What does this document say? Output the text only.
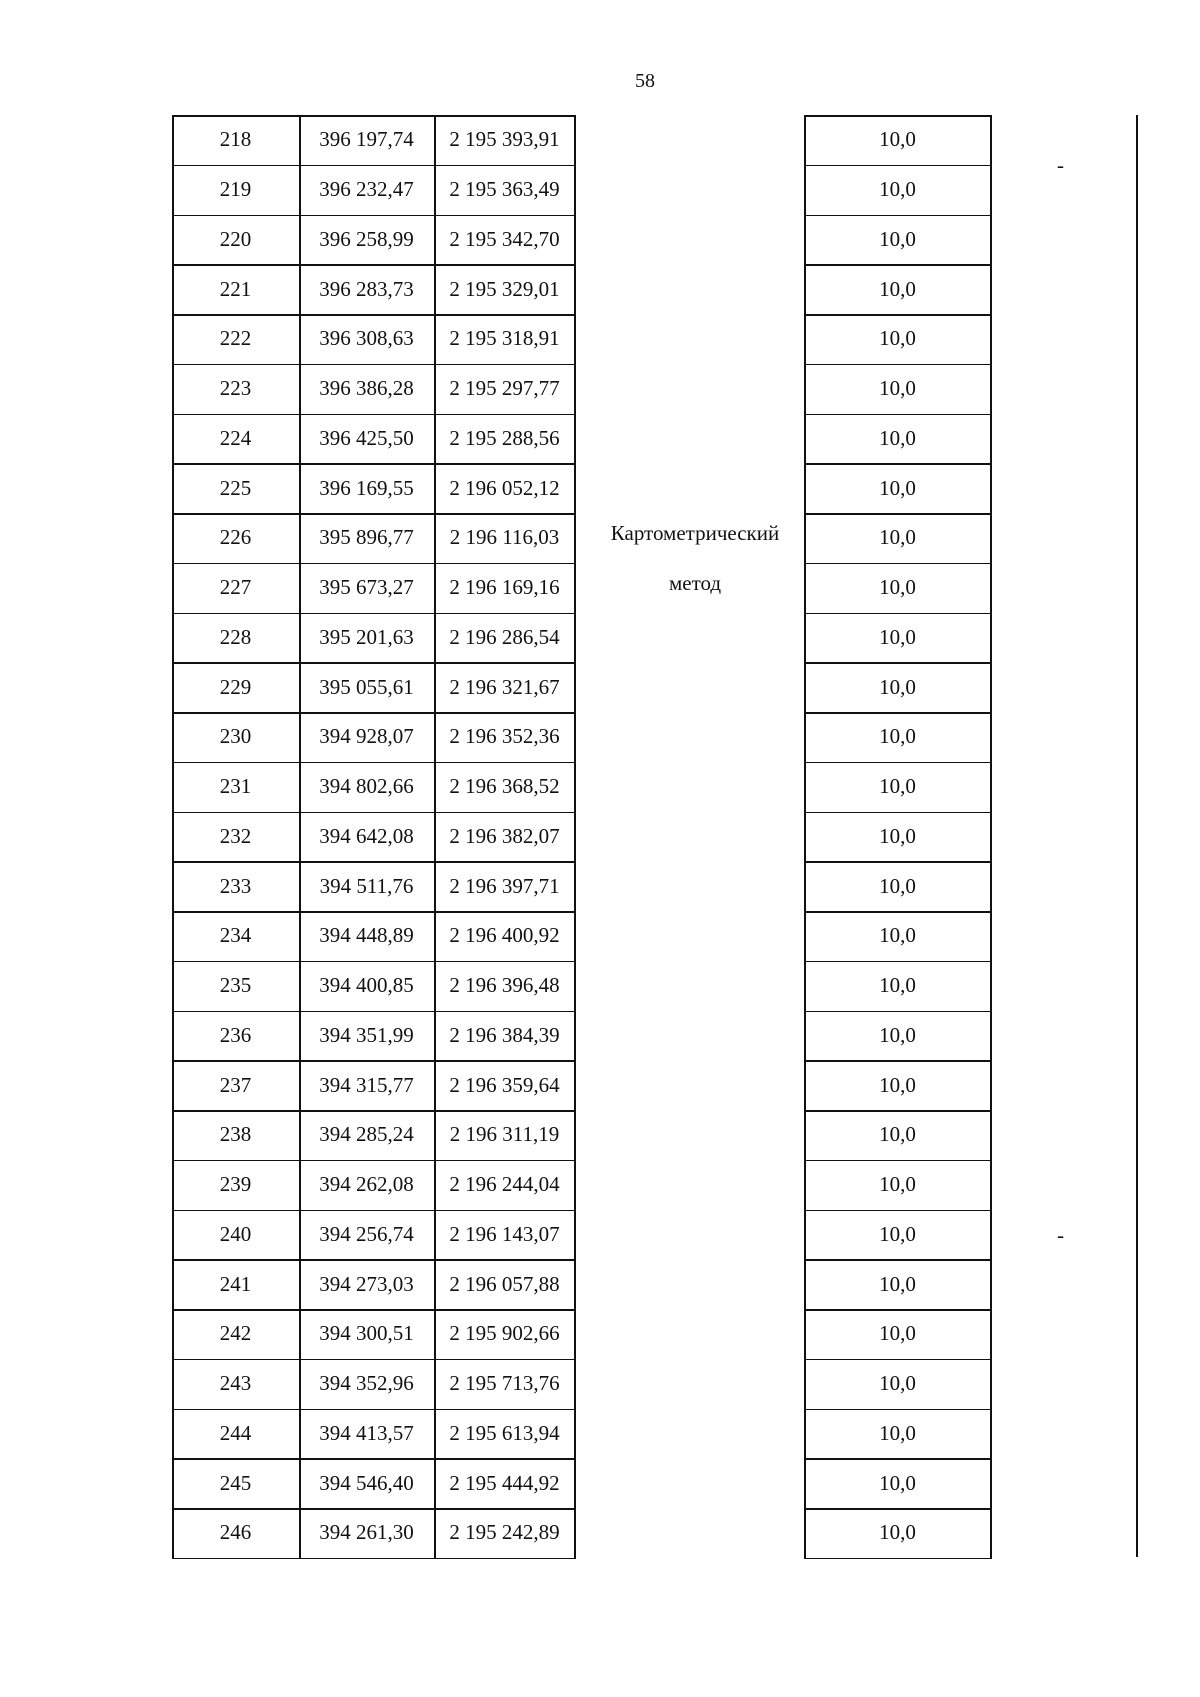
58
218	396 197,74	2 195 393,91	10,0
219	396 232,47	2 195 363,49	10,0
220	396 258,99	2 195 342,70	10,0
221	396 283,73	2 195 329,01	10,0
222	396 308,63	2 195 318,91	10,0
223	396 386,28	2 195 297,77	10,0
224	396 425,50	2 195 288,56	10,0
225	396 169,55	2 196 052,12	10,0
226	395 896,77	2 196 116,03	10,0
227	395 673,27	2 196 169,16	10,0
228	395 201,63	2 196 286,54	10,0
229	395 055,61	2 196 321,67	10,0
230	394 928,07	2 196 352,36	10,0
231	394 802,66	2 196 368,52	10,0
232	394 642,08	2 196 382,07	10,0
233	394 511,76	2 196 397,71	10,0
234	394 448,89	2 196 400,92	10,0
235	394 400,85	2 196 396,48	10,0
236	394 351,99	2 196 384,39	10,0
237	394 315,77	2 196 359,64	10,0
238	394 285,24	2 196 311,19	10,0
239	394 262,08	2 196 244,04	10,0
240	394 256,74	2 196 143,07	10,0
241	394 273,03	2 196 057,88	10,0
242	394 300,51	2 195 902,66	10,0
243	394 352,96	2 195 713,76	10,0
244	394 413,57	2 195 613,94	10,0
245	394 546,40	2 195 444,92	10,0
246	394 261,30	2 195 242,89	10,0
Картометрический
метод
-
-
